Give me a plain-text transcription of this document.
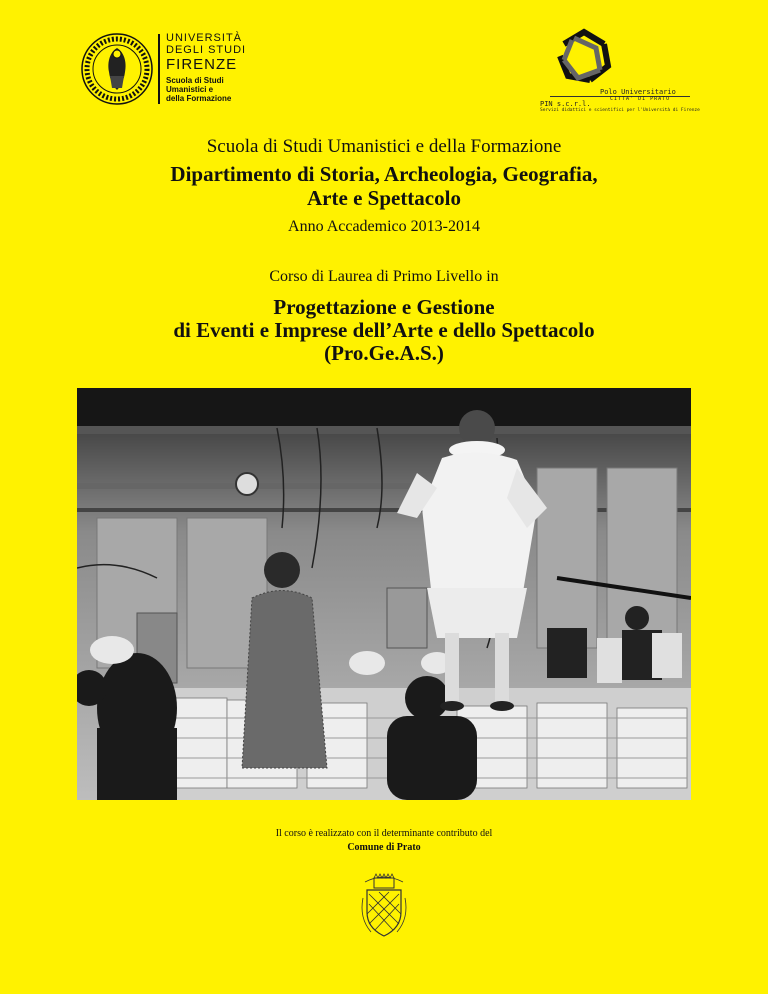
UNIVERSITÀ
DEGLI STUDI
FIRENZE
Scuola di Studi
Umanistici e
della Formazione
Polo Universitario
CITTA' DI PRATO
PIN s.c.r.l.
Servizi didattici e scientifici per l'Università di Firenze
Scuola di Studi Umanistici e della Formazione
Dipartimento di Storia, Archeologia, Geografia,
Arte e Spettacolo
Anno Accademico 2013-2014
Corso di Laurea di Primo Livello in
Progettazione e Gestione
di Eventi e Imprese dell’Arte e dello Spettacolo
(Pro.Ge.A.S.)
Il corso è realizzato con il determinante contributo del
Comune di Prato
